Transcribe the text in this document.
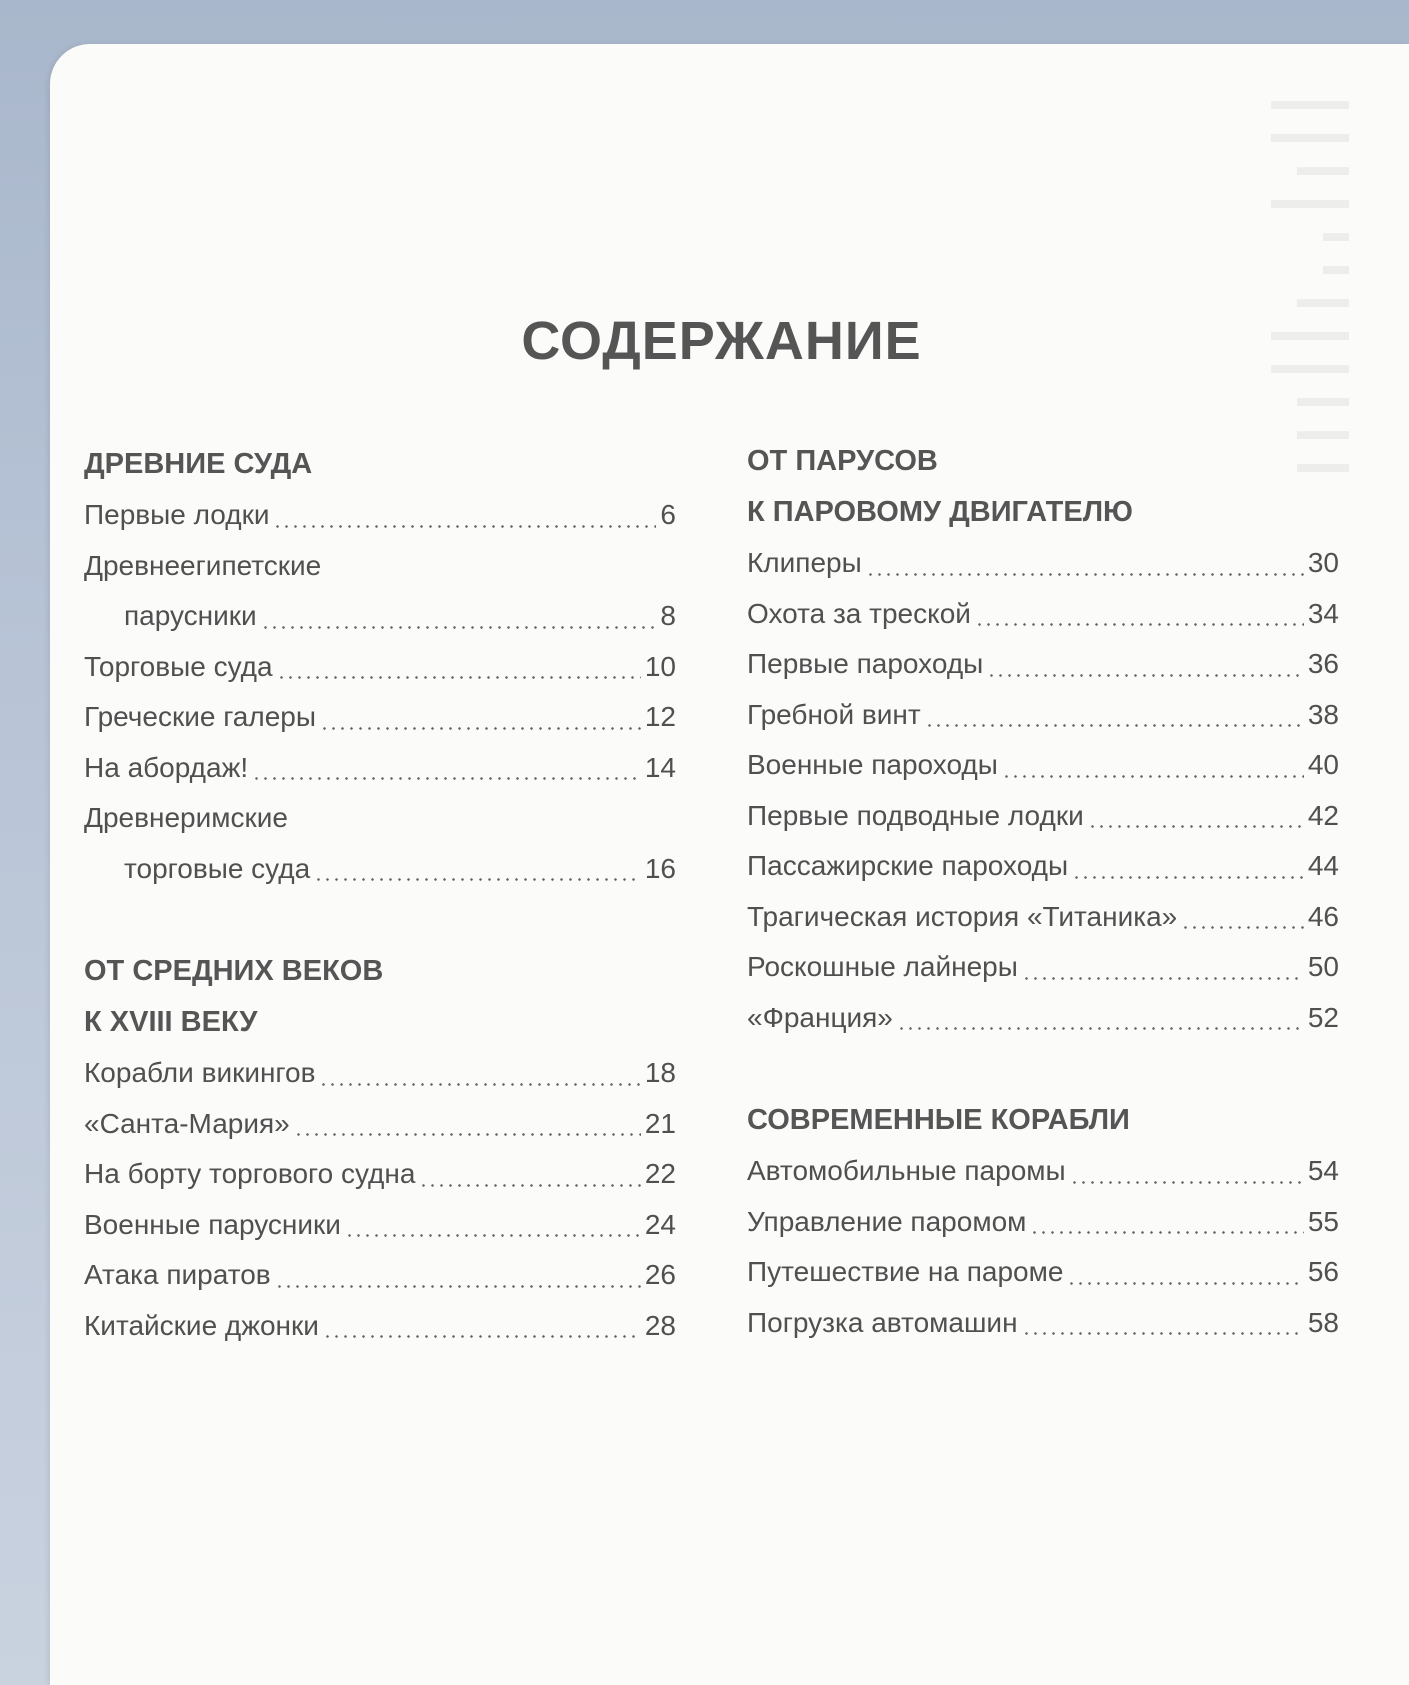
▬▬▬
▬▬▬
▬▬
▬▬▬
▬
▬
▬▬
▬▬▬
▬▬▬
▬▬
▬▬
▬▬
СОДЕРЖАНИЕ
ДРЕВНИЕ СУДА
Первые лодки	6
Древнеегипетские
парусники	8
Торговые суда	10
Греческие галеры	12
На абордаж!	14
Древнеримские
торговые суда	16
ОТ СРЕДНИХ ВЕКОВ
К XVIII ВЕКУ
Корабли викингов	18
«Санта-Мария»	21
На борту торгового судна	22
Военные парусники	24
Атака пиратов	26
Китайские джонки	28
ОТ ПАРУСОВ
К ПАРОВОМУ ДВИГАТЕЛЮ
Клиперы	30
Охота за треской	34
Первые пароходы	36
Гребной винт	38
Военные пароходы	40
Первые подводные лодки	42
Пассажирские пароходы	44
Трагическая история «Титаника»	46
Роскошные лайнеры	50
«Франция»	52
СОВРЕМЕННЫЕ КОРАБЛИ
Автомобильные паромы	54
Управление паромом	55
Путешествие на пароме	56
Погрузка автомашин	58
